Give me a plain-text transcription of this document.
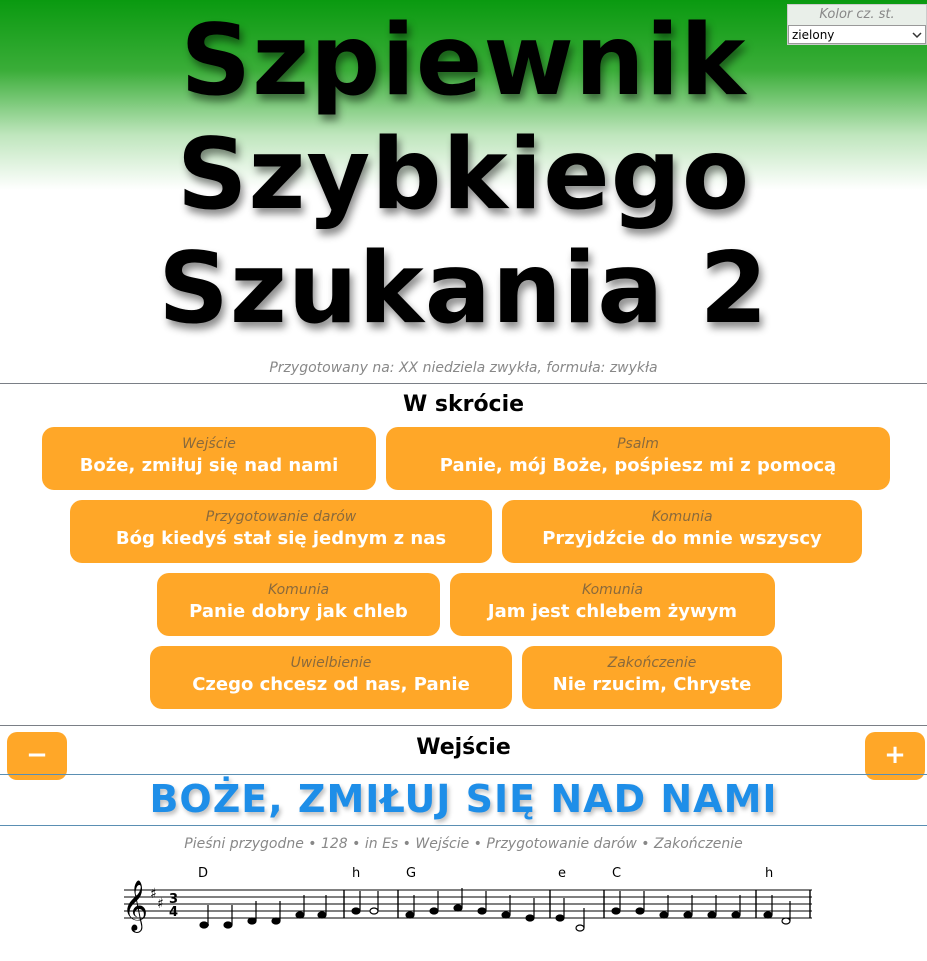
Szpiewnik
Szybkiego
Szukania 2
Kolor cz. st.
zielony
Przygotowany na: XX niedziela zwykła, formuła: zwykła
W skrócie
Wejście
Boże, zmiłuj się nad nami
Psalm
Panie, mój Boże, pośpiesz mi z pomocą
Przygotowanie darów
Bóg kiedyś stał się jednym z nas
Komunia
Przyjdźcie do mnie wszyscy
Komunia
Panie dobry jak chleb
Komunia
Jam jest chlebem żywym
Uwielbienie
Czego chcesz od nas, Panie
Zakończenie
Nie rzucim, Chryste
−	+
Wejście
BOŻE, ZMIŁUJ SIĘ NAD NAMI
Pieśni przygodne • 128 • in Es • Wejście • Przygotowanie darów • Zakończenie
𝄞 ♯
♯ 3
4
D	h	G	e	C	h
